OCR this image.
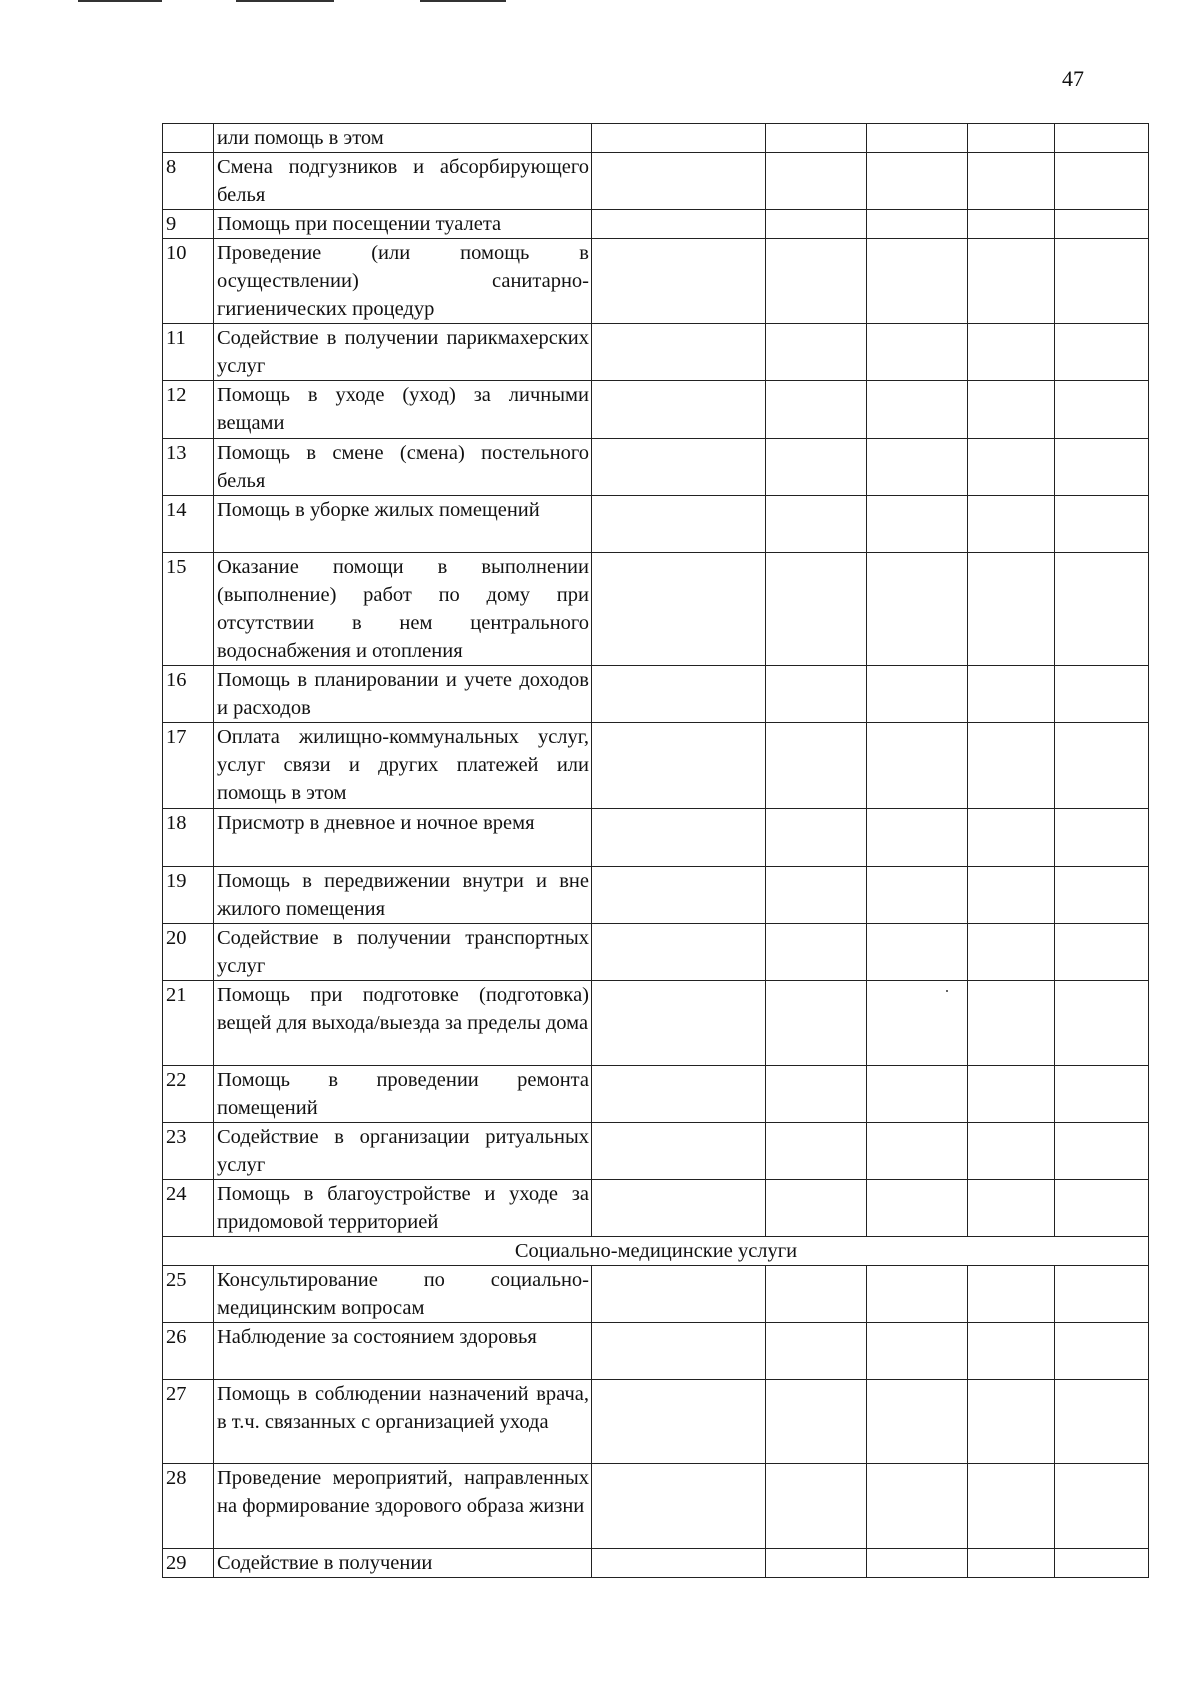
47
	или помощь в этом					
8	Смена подгузников и абсорбирующего белья					
9	Помощь при посещении туалета					
10	Проведение (или помощь в осуществлении) санитарно-гигиенических процедур					
11	Содействие в получении парикмахерских услуг					
12	Помощь в уходе (уход) за личными вещами					
13	Помощь в смене (смена) постельного белья					
14	Помощь в уборке жилых помещений					
15	Оказание помощи в выполнении (выполнение) работ по дому при отсутствии в нем центрального водоснабжения и отопления					
16	Помощь в планировании и учете доходов и расходов					
17	Оплата жилищно-коммунальных услуг, услуг связи и других платежей или помощь в этом					
18	Присмотр в дневное и ночное время					
19	Помощь в передвижении внутри и вне жилого помещения					
20	Содействие в получении транспортных услуг					
21	Помощь при подготовке (подготовка) вещей для выхода/выезда за пределы дома					
22	Помощь в проведении ремонта помещений					
23	Содействие в организации ритуальных услуг					
24	Помощь в благоустройстве и уходе за придомовой территорией					
Социально-медицинские услуги						
25	Консультирование по социально-медицинским вопросам					
26	Наблюдение за состоянием здоровья					
27	Помощь в соблюдении назначений врача, в т.ч. связанных с организацией ухода					
28	Проведение мероприятий, направленных на формирование здорового образа жизни					
29	Содействие в получении					
